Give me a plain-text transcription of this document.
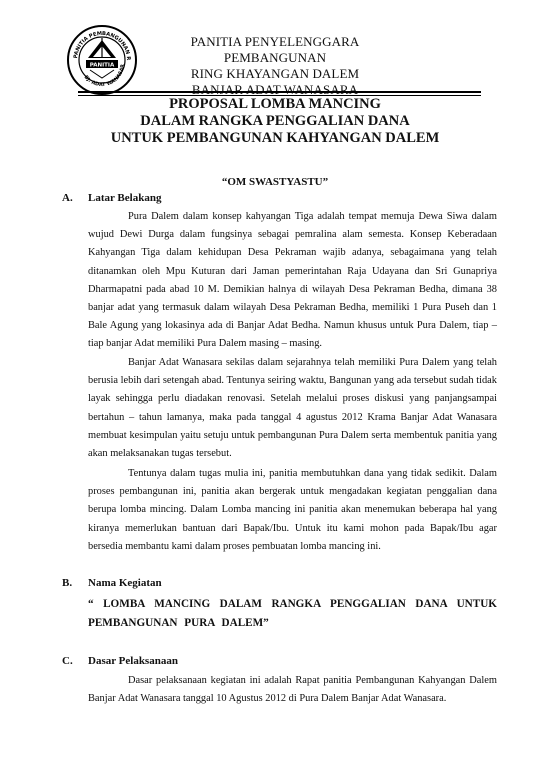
PANITIA PEMBANGUNAN R
BJ. ADAT WANASAR
PANITIA
PANITIA PENYELENGGARA PEMBANGUNAN
RING KHAYANGAN DALEM
BANJAR ADAT WANASARA
PROPOSAL LOMBA MANCING
DALAM RANGKA PENGGALIAN DANA
UNTUK PEMBANGUNAN KAHYANGAN DALEM
“OM SWASTYASTU”
A. Latar Belakang

Pura Dalem dalam konsep kahyangan Tiga adalah tempat memuja Dewa Siwa dalam wujud Dewi Durga dalam fungsinya sebagai pemralina alam semesta. Konsep Keberadaan Kahyangan Tiga dalam kehidupan Desa Pekraman wajib adanya, sebagaimana yang telah ditanamkan oleh Mpu Kuturan dari Jaman pemerintahan Raja Udayana dan Sri Gunapriya Dharmapatni pada abad 10 M. Demikian halnya di wilayah Desa Pekraman Bedha, dimana 38 banjar adat yang termasuk dalam wilayah Desa Pekraman Bedha, memiliki 1 Pura Puseh dan 1 Bale Agung yang lokasinya ada di Banjar Adat Bedha. Namun khusus untuk Pura Dalem, tiap – tiap banjar Adat memiliki Pura Dalem masing – masing.

Banjar Adat Wanasara sekilas dalam sejarahnya telah memiliki Pura Dalem yang telah berusia lebih dari setengah abad. Tentunya seiring waktu, Bangunan yang ada tersebut sudah tidak layak sehingga perlu diadakan renovasi. Setelah melalui proses diskusi yang panjangsampai bertahun – tahun lamanya, maka pada tanggal 4 agustus 2012 Krama Banjar Adat Wanasara membuat kesimpulan yaitu setuju untuk pembangunan Pura Dalem serta membentuk panitia yang akan melaksanakan tugas tersebut.

Tentunya dalam tugas mulia ini, panitia membutuhkan dana yang tidak sedikit. Dalam proses pembangunan ini, panitia akan bergerak untuk mengadakan kegiatan penggalian dana berupa lomba mincing. Dalam Lomba mancing ini panitia akan menemukan beberapa hal yang kiranya memerlukan bantuan dari Bapak/Ibu. Untuk itu kami mohon pada Bapak/Ibu agar bersedia membantu kami dalam proses pembuatan lomba mancing ini.

B. Nama Kegiatan

“ LOMBA MANCING DALAM RANGKA PENGGALIAN DANA UNTUK PEMBANGUNAN PURA DALEM”

C. Dasar Pelaksanaan

Dasar pelaksanaan kegiatan ini adalah Rapat panitia Pembangunan Kahyangan Dalem Banjar Adat Wanasara tanggal 10 Agustus 2012 di Pura Dalem Banjar Adat Wanasara.
